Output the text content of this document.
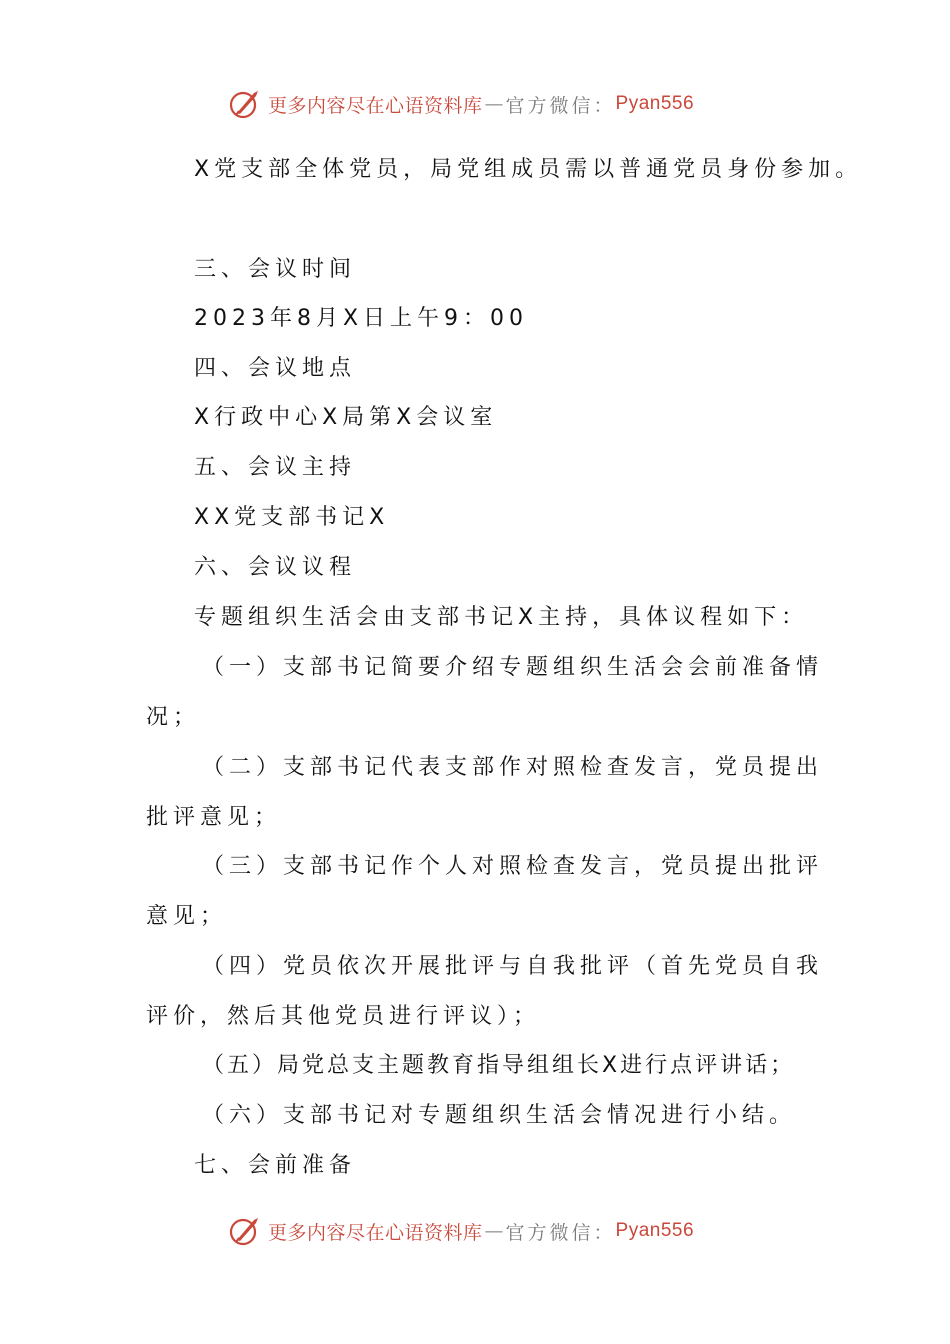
更多内容尽在心语资料库 — 官方微信： Pyan556
X党支部全体党员，局党组成员需以普通党员身份参加。
三、会议时间
2023年8月X日上午9：00
四、会议地点
X行政中心X局第X会议室
五、会议主持
XX党支部书记X
六、会议议程
专题组织生活会由支部书记X主持，具体议程如下：
（一）支部书记简要介绍专题组织生活会会前准备情
况；
（二）支部书记代表支部作对照检查发言，党员提出
批评意见；
（三）支部书记作个人对照检查发言，党员提出批评
意见；
（四）党员依次开展批评与自我批评（首先党员自我
评价，然后其他党员进行评议）；
（五）局党总支主题教育指导组组长X进行点评讲话；
（六）支部书记对专题组织生活会情况进行小结。
七、会前准备
更多内容尽在心语资料库 — 官方微信： Pyan556
